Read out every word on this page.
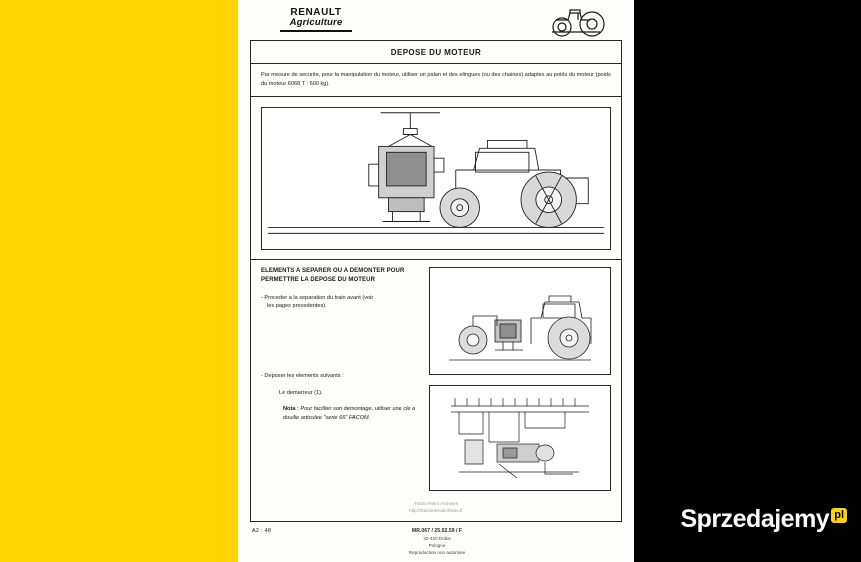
RENAULT
Agriculture
DEPOSE DU MOTEUR

Par mesure de securite, pour la manipulation du moteur, utiliser un palan et des elingues (ou des chaines) adaptes au poids du moteur (poids du moteur 6068 T : 600 kg).

ELEMENTS A SEPARER OU A DEMONTER POUR PERMETTRE LA DEPOSE DU MOTEUR
- Proceder a la separation du train avant (voir
les pages precedentes).
- Deposer les elements suivants :
Le demarreur (1).
Nota : Pour faciliter son demontage, utiliser une cle a douille articulee "serie 66" FACOM.
Tracto Retro Archives
http://tractoretroarchives.fr
A2 : 48	MR.067 / 25.02.59 / F
32-420 Dobis
Pologne
Reproduction non autorisee
Sprzedajemy pl
